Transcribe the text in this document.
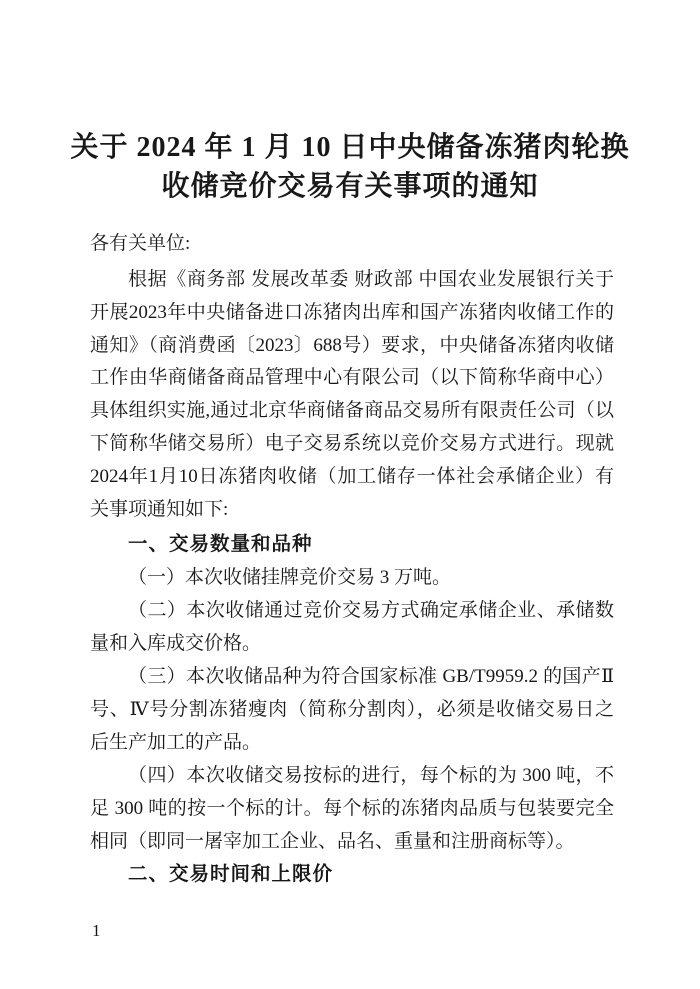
关于 2024 年 1 月 10 日中央储备冻猪肉轮换
收储竞价交易有关事项的通知

各有关单位:

根据《商务部 发展改革委 财政部 中国农业发展银行关于
开展2023年中央储备进口冻猪肉出库和国产冻猪肉收储工作的
通知》（商消费函〔2023〕688号）要求，中央储备冻猪肉收储
工作由华商储备商品管理中心有限公司（以下简称华商中心）
具体组织实施,通过北京华商储备商品交易所有限责任公司（以
下简称华储交易所）电子交易系统以竞价交易方式进行。现就
2024年1月10日冻猪肉收储（加工储存一体社会承储企业）有
关事项通知如下:
一、交易数量和品种
（一）本次收储挂牌竞价交易 3 万吨。
（二）本次收储通过竞价交易方式确定承储企业、承储数
量和入库成交价格。
（三）本次收储品种为符合国家标准 GB/T9959.2 的国产Ⅱ
号、Ⅳ号分割冻猪瘦肉（简称分割肉），必须是收储交易日之
后生产加工的产品。
（四）本次收储交易按标的进行，每个标的为 300 吨，不
足 300 吨的按一个标的计。每个标的冻猪肉品质与包装要完全
相同（即同一屠宰加工企业、品名、重量和注册商标等）。
二、交易时间和上限价
1
